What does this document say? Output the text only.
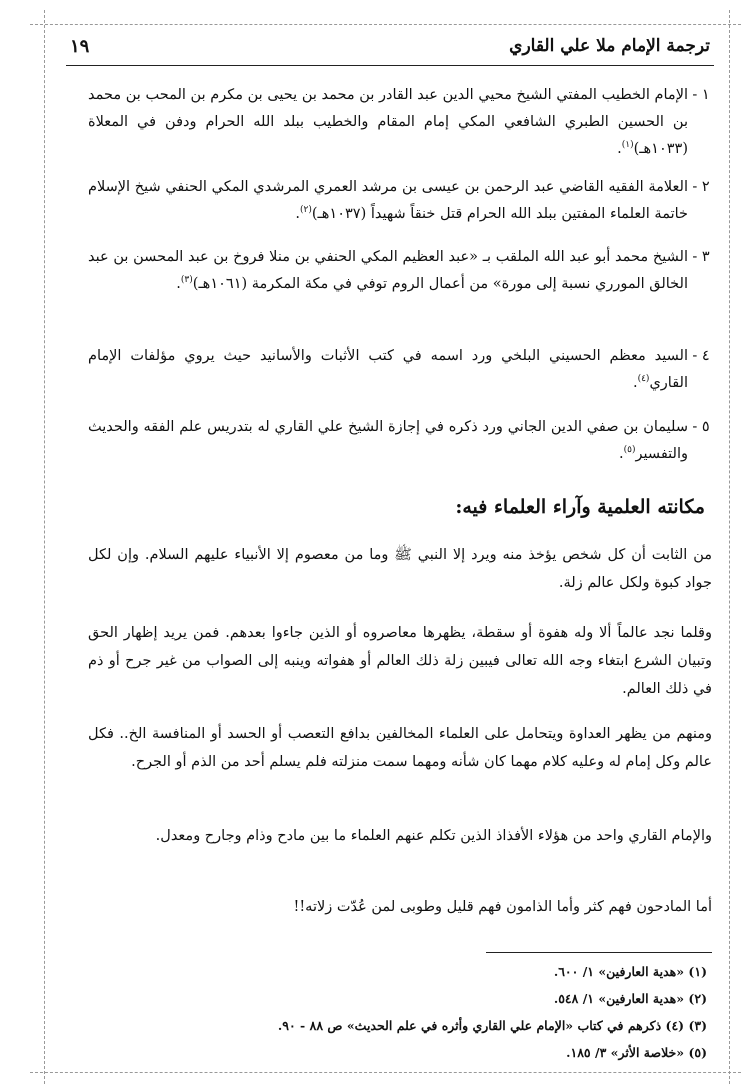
ترجمة الإمام ملا علي القاري
١٩
١ -
الإمام الخطيب المفتي الشيخ محيي الدين عبد القادر بن محمد بن يحيى بن مكرم بن المحب بن محمد بن الحسين الطبري الشافعي المكي إمام المقام والخطيب ببلد الله الحرام ودفن في المعلاة (١٠٣٣هـ)$^{(١)}$.
٢ -
العلامة الفقيه القاضي عبد الرحمن بن عيسى بن مرشد العمري المرشدي المكي الحنفي شيخ الإسلام خاتمة العلماء المفتين ببلد الله الحرام قتل خنقاً شهيداً (١٠٣٧هـ)$^{(٢)}$.
٣ -
الشيخ محمد أبو عبد الله الملقب بـ «عبد العظيم المكي الحنفي بن منلا فروخ بن عبد المحسن بن عبد الخالق المورري نسبة إلى مورة» من أعمال الروم توفي في مكة المكرمة (١٠٦١هـ)$^{(٣)}$.
٤ -
السيد معظم الحسيني البلخي ورد اسمه في كتب الأثبات والأسانيد حيث يروي مؤلفات الإمام القاري$^{(٤)}$.
٥ -
سليمان بن صفي الدين الجاني ورد ذكره في إجازة الشيخ علي القاري له بتدريس علم الفقه والحديث والتفسير$^{(٥)}$.
مكانته العلمية وآراء العلماء فيه:
من الثابت أن كل شخص يؤخذ منه ويرد إلا النبي ﷺ وما من معصوم إلا الأنبياء عليهم السلام. وإن لكل جواد كبوة ولكل عالم زلة.
وقلما نجد عالماً ألا وله هفوة أو سقطة، يظهرها معاصروه أو الذين جاءوا بعدهم. فمن يريد إظهار الحق وتبيان الشرع ابتغاء وجه الله تعالى فيبين زلة ذلك العالم أو هفواته وينبه إلى الصواب من غير جرح أو ذم في ذلك العالم.
ومنهم من يظهر العداوة ويتحامل على العلماء المخالفين بدافع التعصب أو الحسد أو المنافسة الخ.. فكل عالم وكل إمام له وعليه كلام مهما كان شأنه ومهما سمت منزلته فلم يسلم أحد من الذم أو الجرح.
والإمام القاري واحد من هؤلاء الأفذاذ الذين تكلم عنهم العلماء ما بين مادح وذام وجارح ومعدل.
أما المادحون فهم كثر وأما الذامون فهم قليل وطوبى لمن عُدّت زلاته!!
(١) «هدية العارفين» ١/ ٦٠٠.
(٢) «هدية العارفين» ١/ ٥٤٨.
(٣) (٤) ذكرهم في كتاب «الإمام علي القاري وأثره في علم الحديث» ص ٨٨ - ٩٠.
(٥) «خلاصة الأثر» ٣/ ١٨٥.
